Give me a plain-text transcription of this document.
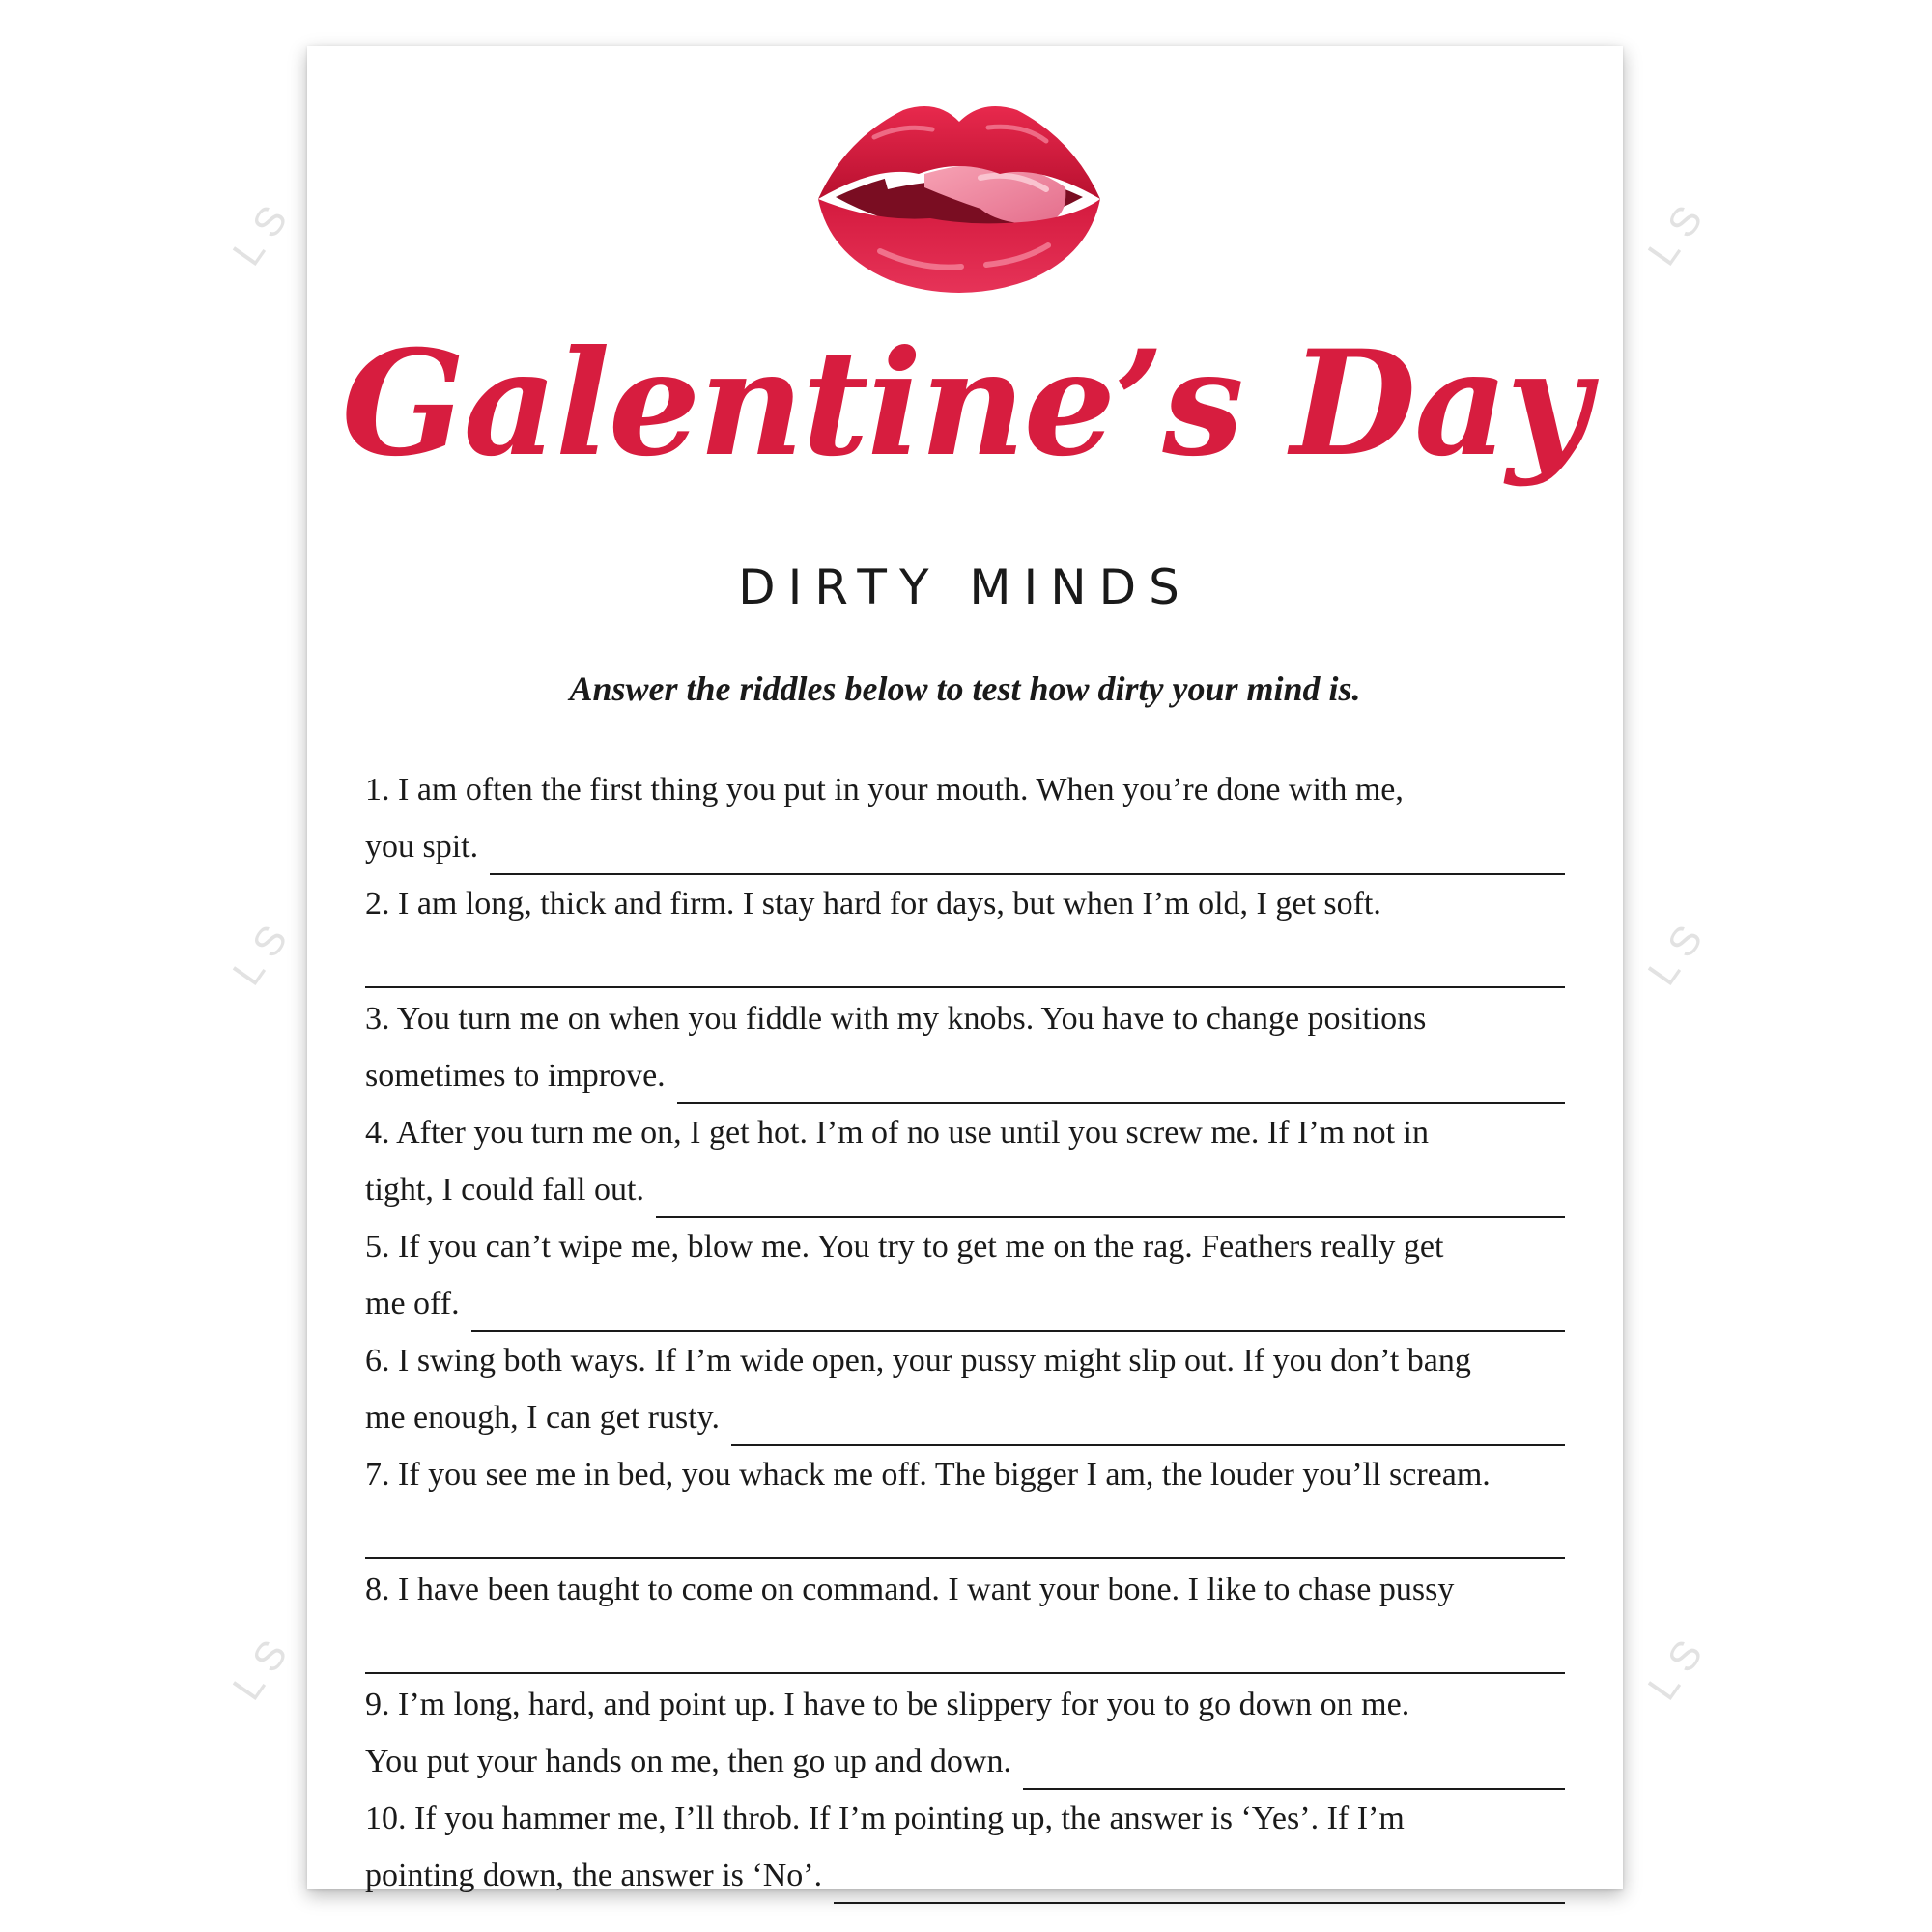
LS
LS
LS
LS
LS
LS
Galentine’s Day
DIRTY MINDS
Answer the riddles below to test how dirty your mind is.
1. I am often the first thing you put in your mouth. When you’re done with me,
you spit.
2. I am long, thick and firm. I stay hard for days, but when I’m old, I get soft.
3. You turn me on when you fiddle with my knobs. You have to change positions
sometimes to improve.
4. After you turn me on, I get hot. I’m of no use until you screw me. If I’m not in
tight, I could fall out.
5. If you can’t wipe me, blow me. You try to get me on the rag. Feathers really get
me off.
6. I swing both ways. If I’m wide open, your pussy might slip out. If you don’t bang
me enough, I can get rusty.
7. If you see me in bed, you whack me off. The bigger I am, the louder you’ll scream.
8. I have been taught to come on command. I want your bone. I like to chase pussy
9. I’m long, hard, and point up. I have to be slippery for you to go down on me.
You put your hands on me, then go up and down.
10. If you hammer me, I’ll throb. If I’m pointing up, the answer is ‘Yes’. If I’m
pointing down, the answer is ‘No’.
